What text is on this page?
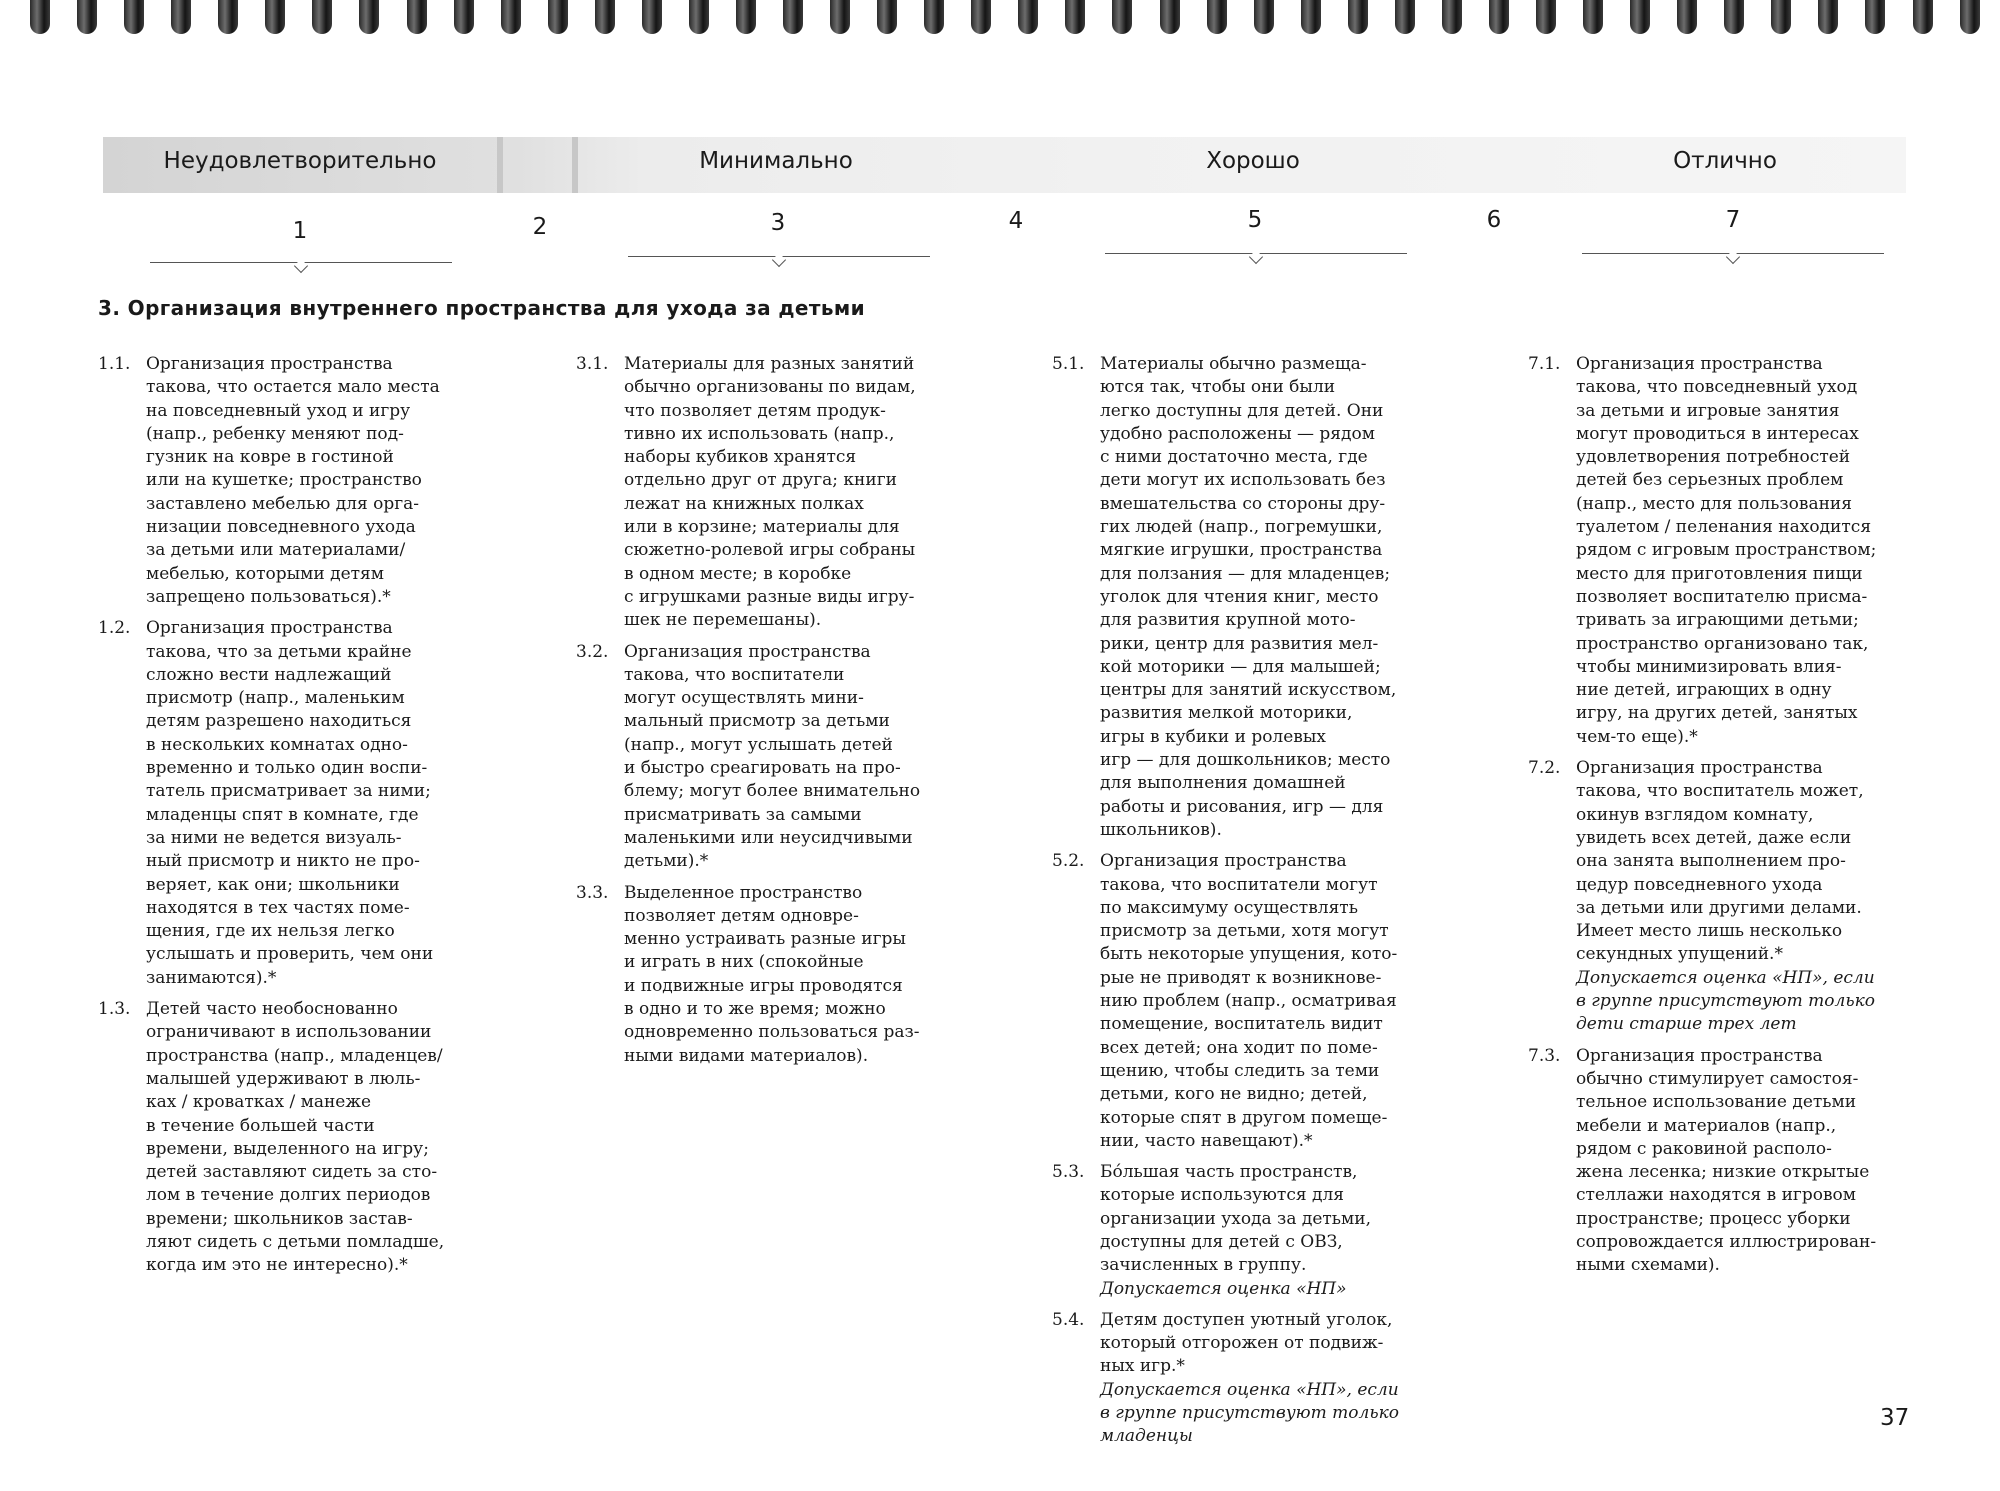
Неудовлетворительно	Минимально	Хорошо	Отлично
1	2	3	4	5	6	7
3. Организация внутреннего пространства для ухода за детьми
1.1. Организация пространства
такова, что остается мало места
на повседневный уход и игру
(напр., ребенку меняют под-
гузник на ковре в гостиной
или на кушетке; пространство
заставлено мебелью для орга-
низации повседневного ухода
за детьми или материалами/
мебелью, которыми детям
запрещено пользоваться).*
1.2. Организация пространства
такова, что за детьми крайне
сложно вести надлежащий
присмотр (напр., маленьким
детям разрешено находиться
в нескольких комнатах одно-
временно и только один воспи-
татель присматривает за ними;
младенцы спят в комнате, где
за ними не ведется визуаль-
ный присмотр и никто не про-
веряет, как они; школьники
находятся в тех частях поме-
щения, где их нельзя легко
услышать и проверить, чем они
занимаются).*
1.3. Детей часто необоснованно
ограничивают в использовании
пространства (напр., младенцев/
малышей удерживают в люль-
ках / кроватках / манеже
в течение большей части
времени, выделенного на игру;
детей заставляют сидеть за сто-
лом в течение долгих периодов
времени; школьников застав-
ляют сидеть с детьми помладше,
когда им это не интересно).*
3.1. Материалы для разных занятий
обычно организованы по видам,
что позволяет детям продук-
тивно их использовать (напр.,
наборы кубиков хранятся
отдельно друг от друга; книги
лежат на книжных полках
или в корзине; материалы для
сюжетно-ролевой игры собраны
в одном месте; в коробке
с игрушками разные виды игру-
шек не перемешаны).
3.2. Организация пространства
такова, что воспитатели
могут осуществлять мини-
мальный присмотр за детьми
(напр., могут услышать детей
и быстро среагировать на про-
блему; могут более внимательно
присматривать за самыми
маленькими или неусидчивыми
детьми).*
3.3. Выделенное пространство
позволяет детям одновре-
менно устраивать разные игры
и играть в них (спокойные
и подвижные игры проводятся
в одно и то же время; можно
одновременно пользоваться раз-
ными видами материалов).
5.1. Материалы обычно размеща-
ются так, чтобы они были
легко доступны для детей. Они
удобно расположены — рядом
с ними достаточно места, где
дети могут их использовать без
вмешательства со стороны дру-
гих людей (напр., погремушки,
мягкие игрушки, пространства
для ползания — для младенцев;
уголок для чтения книг, место
для развития крупной мото-
рики, центр для развития мел-
кой моторики — для малышей;
центры для занятий искусством,
развития мелкой моторики,
игры в кубики и ролевых
игр — для дошкольников; место
для выполнения домашней
работы и рисования, игр — для
школьников).
5.2. Организация пространства
такова, что воспитатели могут
по максимуму осуществлять
присмотр за детьми, хотя могут
быть некоторые упущения, кото-
рые не приводят к возникнове-
нию проблем (напр., осматривая
помещение, воспитатель видит
всех детей; она ходит по поме-
щению, чтобы следить за теми
детьми, кого не видно; детей,
которые спят в другом помеще-
нии, часто навещают).*
5.3. Бо́льшая часть пространств,
которые используются для
организации ухода за детьми,
доступны для детей с ОВЗ,
зачисленных в группу.
Допускается оценка «НП»
5.4. Детям доступен уютный уголок,
который отгорожен от подвиж-
ных игр.*
Допускается оценка «НП», если
в группе присутствуют только
младенцы
7.1. Организация пространства
такова, что повседневный уход
за детьми и игровые занятия
могут проводиться в интересах
удовлетворения потребностей
детей без серьезных проблем
(напр., место для пользования
туалетом / пеленания находится
рядом с игровым пространством;
место для приготовления пищи
позволяет воспитателю присма-
тривать за играющими детьми;
пространство организовано так,
чтобы минимизировать влия-
ние детей, играющих в одну
игру, на других детей, занятых
чем-то еще).*
7.2. Организация пространства
такова, что воспитатель может,
окинув взглядом комнату,
увидеть всех детей, даже если
она занята выполнением про-
цедур повседневного ухода
за детьми или другими делами.
Имеет место лишь несколько
секундных упущений.*
Допускается оценка «НП», если
в группе присутствуют только
дети старше трех лет
7.3. Организация пространства
обычно стимулирует самостоя-
тельное использование детьми
мебели и материалов (напр.,
рядом с раковиной располо-
жена лесенка; низкие открытые
стеллажи находятся в игровом
пространстве; процесс уборки
сопровождается иллюстрирован-
ными схемами).
37
